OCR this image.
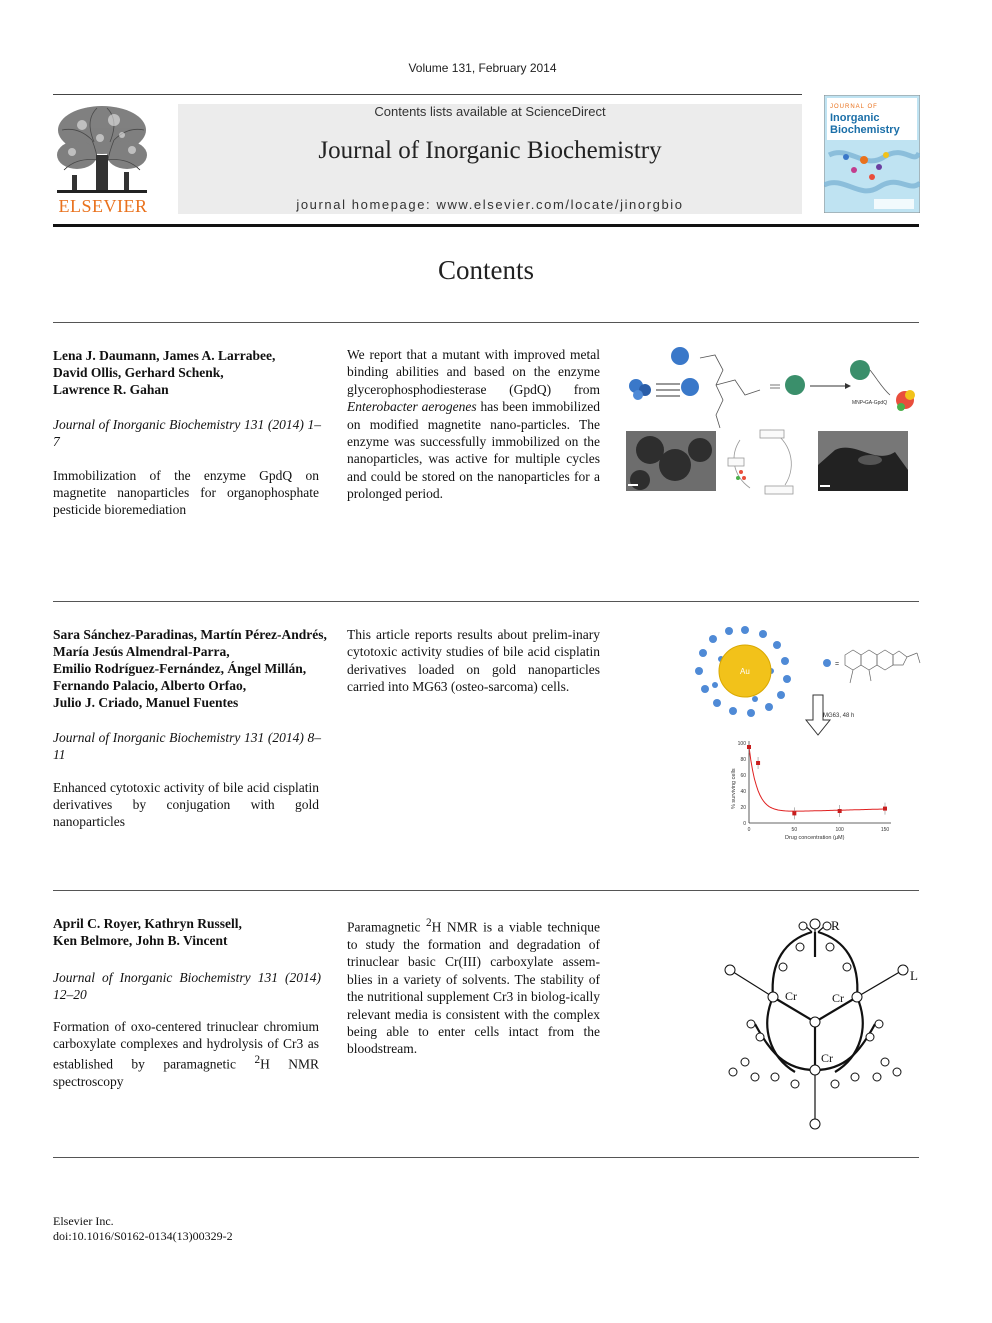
Volume 131, February 2014
ELSEVIER
Contents lists available at ScienceDirect
Journal of Inorganic Biochemistry
journal homepage: www.elsevier.com/locate/jinorgbio
JOURNAL OF
Inorganic
Biochemistry
Contents
Lena J. Daumann, James A. Larrabee,
David Ollis, Gerhard Schenk,
Lawrence R. Gahan
Journal of Inorganic Biochemistry 131 (2014) 1–7
Immobilization of the enzyme GpdQ on magnetite nanoparticles for organophosphate pesticide bioremediation
We report that a mutant with improved metal binding abilities and based on the enzyme glycerophosphodiesterase (GpdQ) from Enterobacter aerogenes has been immobilized on modified magnetite nano-particles. The enzyme was successfully immobilized on the nanoparticles, was active for multiple cycles and could be stored on the nanoparticles for a prolonged period.
MNP•GA-GpdQ
Sara Sánchez-Paradinas, Martín Pérez-Andrés,
María Jesús Almendral-Parra,
Emilio Rodríguez-Fernández, Ángel Millán,
Fernando Palacio, Alberto Orfao,
Julio J. Criado, Manuel Fuentes
Journal of Inorganic Biochemistry 131 (2014) 8–11
Enhanced cytotoxic activity of bile acid cisplatin derivatives by conjugation with gold nanoparticles
This article reports results about prelim-inary cytotoxic activity studies of bile acid cisplatin derivatives loaded on gold nanoparticles carried into MG63 (osteo-sarcoma) cells.
Au
=
MG63, 48 h
0
20
40
60
80
100
0	50	100	150
Drug concentration (µM)
% surviving cells
April C. Royer, Kathryn Russell,
Ken Belmore, John B. Vincent
Journal of Inorganic Biochemistry 131 (2014) 12–20
Formation of oxo-centered trinuclear chromium carboxylate complexes and hydrolysis of Cr3 as established by paramagnetic $^2$H NMR spectroscopy
Paramagnetic $^2$H NMR is a viable technique to study the formation and degradation of trinuclear basic Cr(III) carboxylate assem-blies in a variety of solvents. The stability of the nutritional supplement Cr3 in biolog-ically relevant media is consistent with the complex being able to enter cells intact from the bloodstream.
R
L
Cr	Cr
Cr
Elsevier Inc.
doi:10.1016/S0162-0134(13)00329-2
